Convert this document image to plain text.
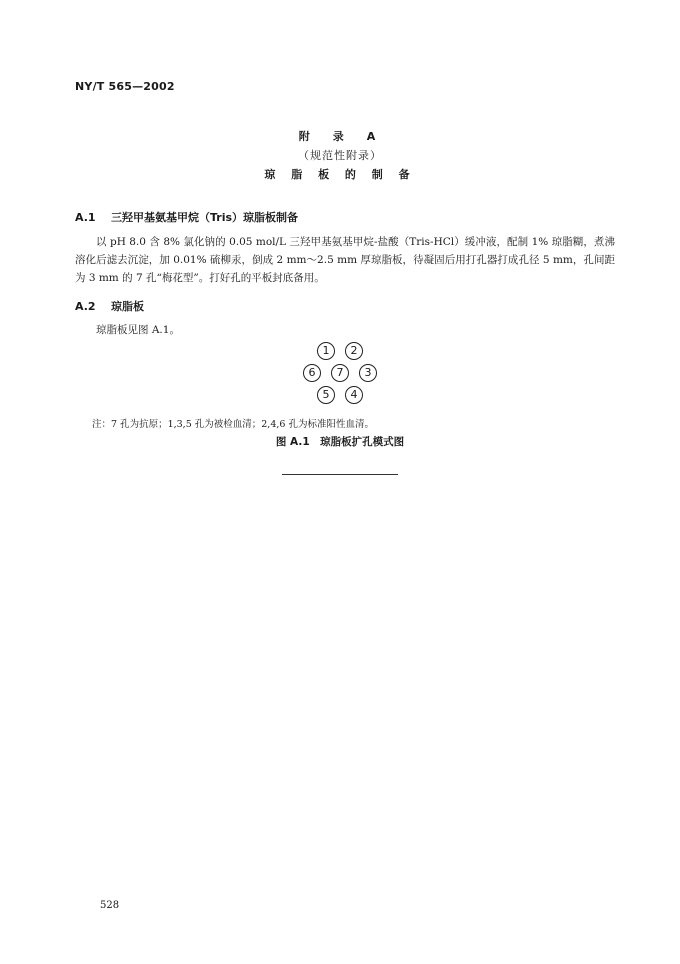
NY/T 565—2002
附　录　A
（规范性附录）
琼 脂 板 的 制 备
A.1 三羟甲基氨基甲烷（Tris）琼脂板制备
以 pH 8.0 含 8% 氯化钠的 0.05 mol/L 三羟甲基氨基甲烷-盐酸（Tris-HCl）缓冲液，配制 1% 琼脂糊，煮沸溶化后滤去沉淀，加 0.01% 硫柳汞，倒成 2 mm～2.5 mm 厚琼脂板，待凝固后用打孔器打成孔径 5 mm，孔间距为 3 mm 的 7 孔“梅花型”。打好孔的平板封底备用。
A.2 琼脂板
琼脂板见图 A.1。
1	2
6	7	3
5	4
注：7 孔为抗原；1,3,5 孔为被检血清；2,4,6 孔为标准阳性血清。
图 A.1　琼脂板扩孔模式图
528
